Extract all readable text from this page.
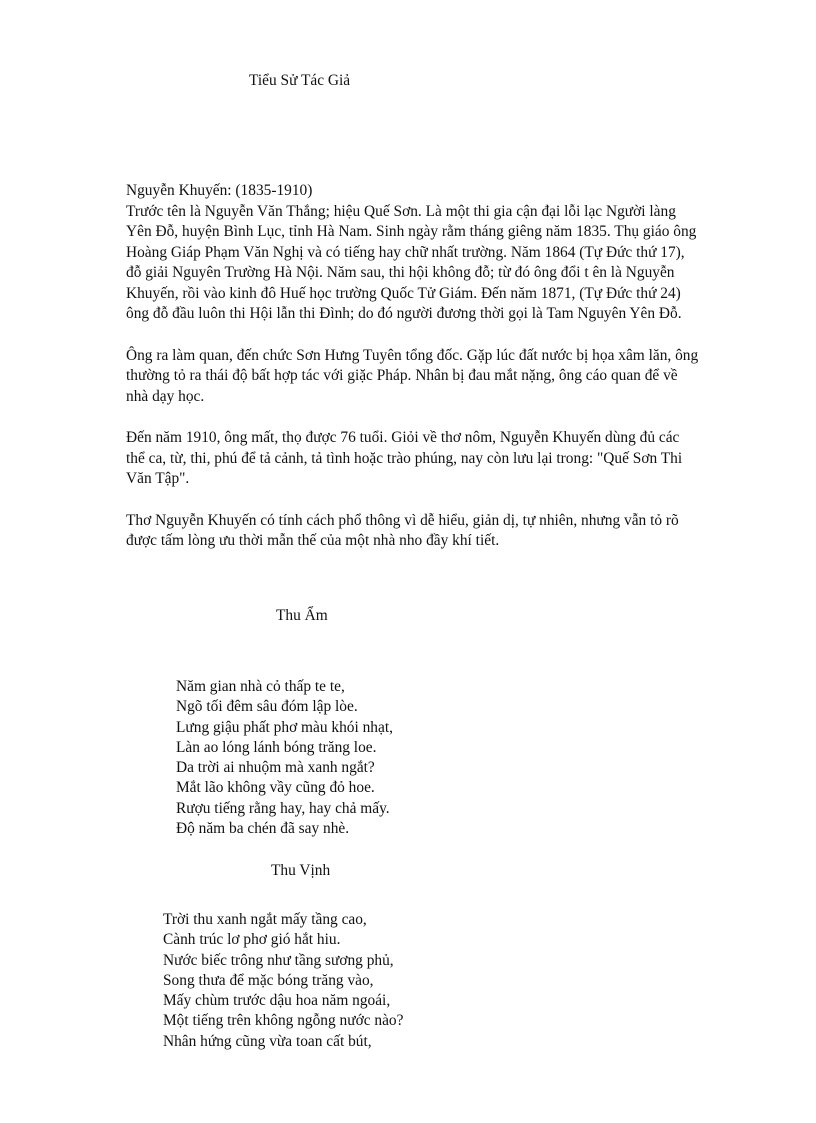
Tiểu Sử Tác Giả

Nguyễn Khuyến: (1835-1910)
Trước tên là Nguyễn Văn Thắng; hiệu Quế Sơn. Là một thi gia cận đại lỗi lạc Người làng
Yên Đỗ, huyện Bình Lục, tỉnh Hà Nam. Sinh ngày rằm tháng giêng năm 1835. Thụ giáo ông
Hoàng Giáp Phạm Văn Nghị và có tiếng hay chữ nhất trường. Năm 1864 (Tự Đức thứ 17),
đỗ giải Nguyên Trường Hà Nội. Năm sau, thi hội không đỗ; từ đó ông đổi t ên là Nguyễn
Khuyến, rồi vào kinh đô Huế học trường Quốc Tử Giám. Đến năm 1871, (Tự Đức thứ 24)
ông đỗ đầu luôn thi Hội lẫn thi Đình; do đó người đương thời gọi là Tam Nguyên Yên Đỗ.

Ông ra làm quan, đến chức Sơn Hưng Tuyên tổng đốc. Gặp lúc đất nước bị họa xâm lăn, ông
thường tỏ ra thái độ bất hợp tác với giặc Pháp. Nhân bị đau mắt nặng, ông cáo quan để về
nhà dạy học.

Đến năm 1910, ông mất, thọ được 76 tuổi. Giỏi về thơ nôm, Nguyễn Khuyến dùng đủ các
thể ca, từ, thi, phú để tả cảnh, tả tình hoặc trào phúng, nay còn lưu lại trong: "Quế Sơn Thi
Văn Tập".

Thơ Nguyễn Khuyến có tính cách phổ thông vì dễ hiểu, giản dị, tự nhiên, nhưng vẫn tỏ rõ
được tấm lòng ưu thời mẫn thế của một nhà nho đầy khí tiết.

Thu Ẩm
Năm gian nhà cỏ thấp te te,
Ngõ tối đêm sâu đóm lập lòe.
Lưng giậu phất phơ màu khói nhạt,
Làn ao lóng lánh bóng trăng loe.
Da trời ai nhuộm mà xanh ngắt?
Mắt lão không vầy cũng đỏ hoe.
Rượu tiếng rằng hay, hay chả mấy.
Độ năm ba chén đã say nhè.
Thu Vịnh
Trời thu xanh ngắt mấy tầng cao,
Cành trúc lơ phơ gió hắt hiu.
Nước biếc trông như tầng sương phủ,
Song thưa để mặc bóng trăng vào,
Mấy chùm trước dậu hoa năm ngoái,
Một tiếng trên không ngỗng nước nào?
Nhân hứng cũng vừa toan cất bút,
